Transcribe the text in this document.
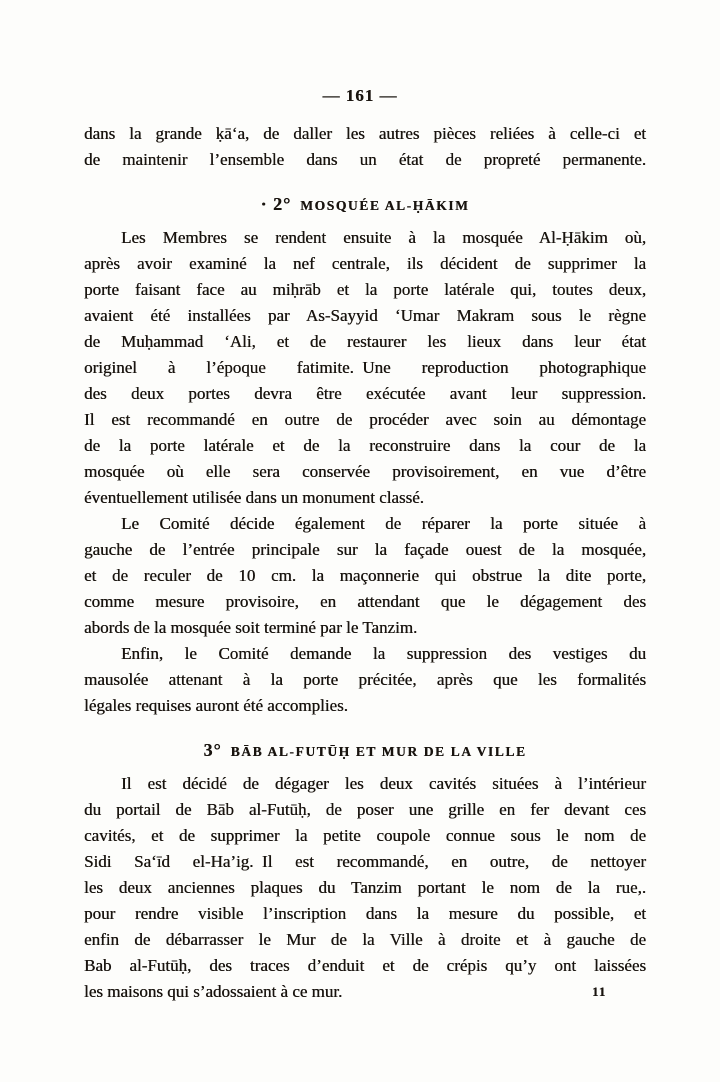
— 161 —
dans la grande ḳā‘a, de daller les autres pièces reliées à celle-ci et
de maintenir l’ensemble dans un état de propreté permanente.
· 2° MOSQUÉE AL-ḤĀKIM
Les Membres se rendent ensuite à la mosquée Al-Ḥākim où,
après avoir examiné la nef centrale, ils décident de supprimer la
porte faisant face au miḥrāb et la porte latérale qui, toutes deux,
avaient été installées par As-Sayyid ‘Umar Makram sous le règne
de Muḥammad ‘Ali, et de restaurer les lieux dans leur état
originel à l’époque fatimite. Une reproduction photographique
des deux portes devra être exécutée avant leur suppression.
Il est recommandé en outre de procéder avec soin au démontage
de la porte latérale et de la reconstruire dans la cour de la
mosquée où elle sera conservée provisoirement, en vue d’être
éventuellement utilisée dans un monument classé.
Le Comité décide également de réparer la porte située à
gauche de l’entrée principale sur la façade ouest de la mosquée,
et de reculer de 10 cm. la maçonnerie qui obstrue la dite porte,
comme mesure provisoire, en attendant que le dégagement des
abords de la mosquée soit terminé par le Tanzim.
Enfin, le Comité demande la suppression des vestiges du
mausolée attenant à la porte précitée, après que les formalités
légales requises auront été accomplies.
3° BĀB AL-FUTŪḤ ET MUR DE LA VILLE
Il est décidé de dégager les deux cavités situées à l’intérieur
du portail de Bāb al-Futūḥ, de poser une grille en fer devant ces
cavités, et de supprimer la petite coupole connue sous le nom de
Sidi Sa‘īd el-Ha’ig. Il est recommandé, en outre, de nettoyer
les deux anciennes plaques du Tanzim portant le nom de la rue,.
pour rendre visible l’inscription dans la mesure du possible, et
enfin de débarrasser le Mur de la Ville à droite et à gauche de
Bab al-Futūḥ, des traces d’enduit et de crépis qu’y ont laissées
les maisons qui s’adossaient à ce mur.	11
